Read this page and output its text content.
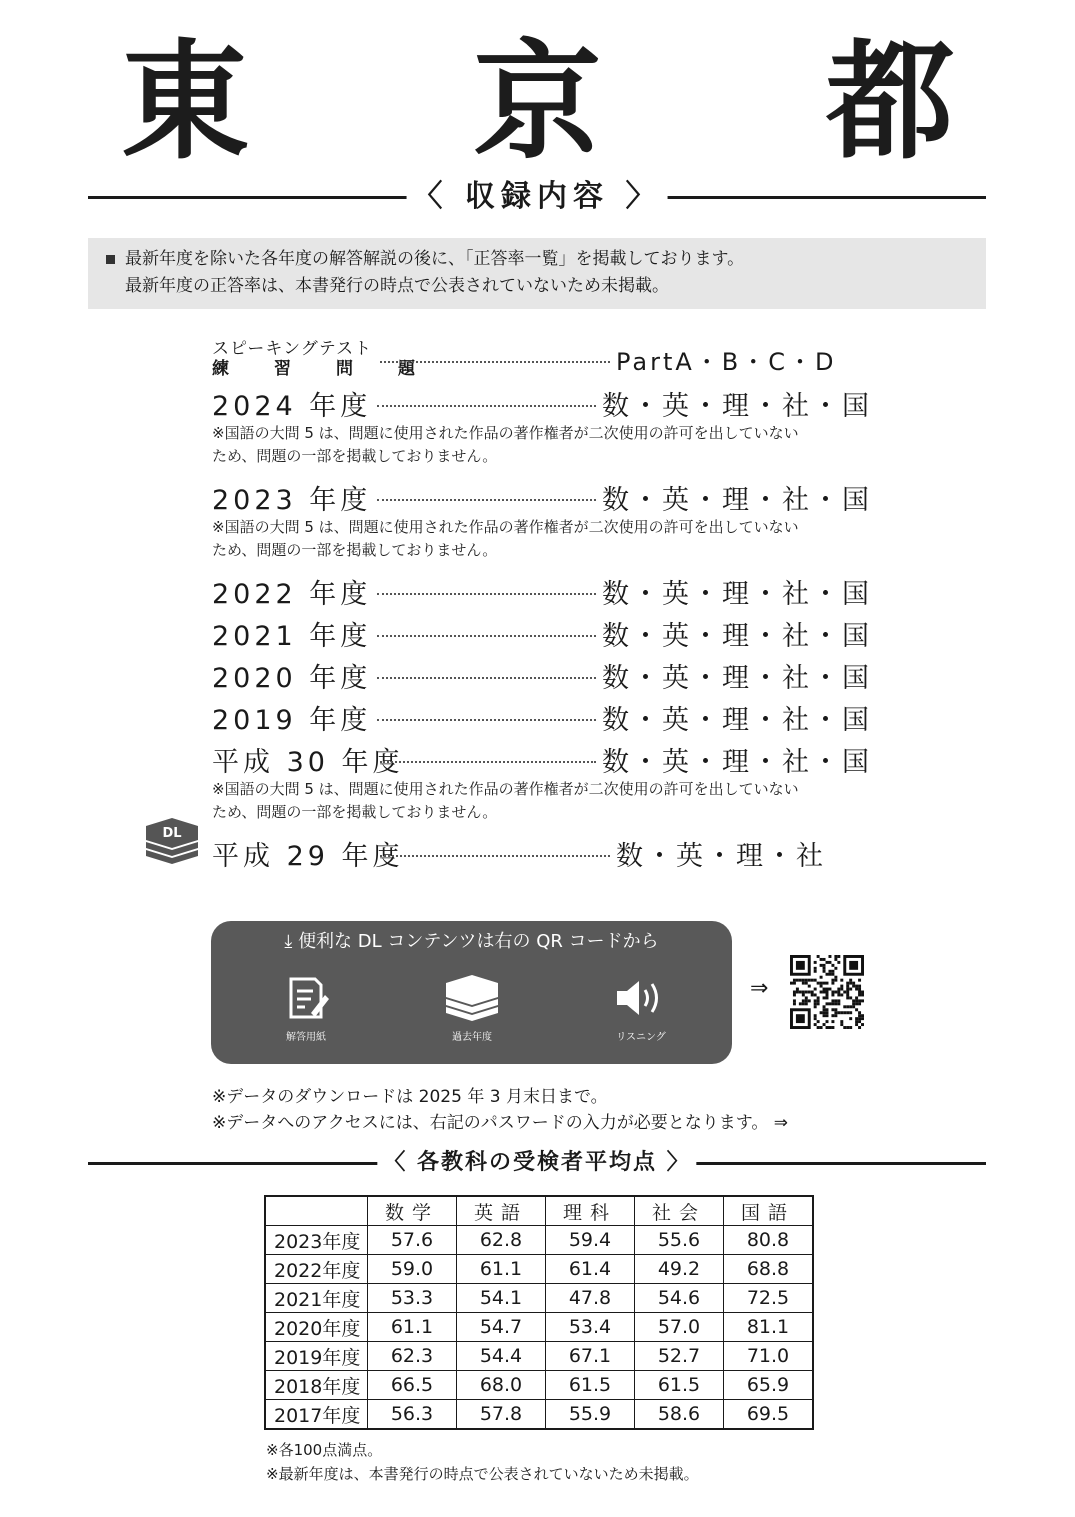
東 京 都
〈 収録内容 〉
最新年度を除いた各年度の解答解説の後に、「正答率一覧」を掲載しております。
最新年度の正答率は、本書発行の時点で公表されていないため未掲載。
スピーキングテスト
練　習　問　題	PartA・B・C・D
2024 年度	数・英・理・社・国
※国語の大問 5 は、問題に使用された作品の著作権者が二次使用の許可を出していない
ため、問題の一部を掲載しておりません。
2023 年度	数・英・理・社・国
※国語の大問 5 は、問題に使用された作品の著作権者が二次使用の許可を出していない
ため、問題の一部を掲載しておりません。
2022 年度	数・英・理・社・国
2021 年度	数・英・理・社・国
2020 年度	数・英・理・社・国
2019 年度	数・英・理・社・国
平成 30 年度	数・英・理・社・国
※国語の大問 5 は、問題に使用された作品の著作権者が二次使用の許可を出していない
ため、問題の一部を掲載しておりません。
平成 29 年度	数・英・理・社
DL
⤓ 便利な DL コンテンツは右の QR コードから
解答用紙	過去年度	リスニング
⇒
※データのダウンロードは 2025 年 3 月末日まで。
※データへのアクセスには、右記のパスワードの入力が必要となります。 ⇒
〈 各教科の受検者平均点 〉
	数学	英語	理科	社会	国語
2023年度	57.6	62.8	59.4	55.6	80.8
2022年度	59.0	61.1	61.4	49.2	68.8
2021年度	53.3	54.1	47.8	54.6	72.5
2020年度	61.1	54.7	53.4	57.0	81.1
2019年度	62.3	54.4	67.1	52.7	71.0
2018年度	66.5	68.0	61.5	61.5	65.9
2017年度	56.3	57.8	55.9	58.6	69.5
※各100点満点。
※最新年度は、本書発行の時点で公表されていないため未掲載。
